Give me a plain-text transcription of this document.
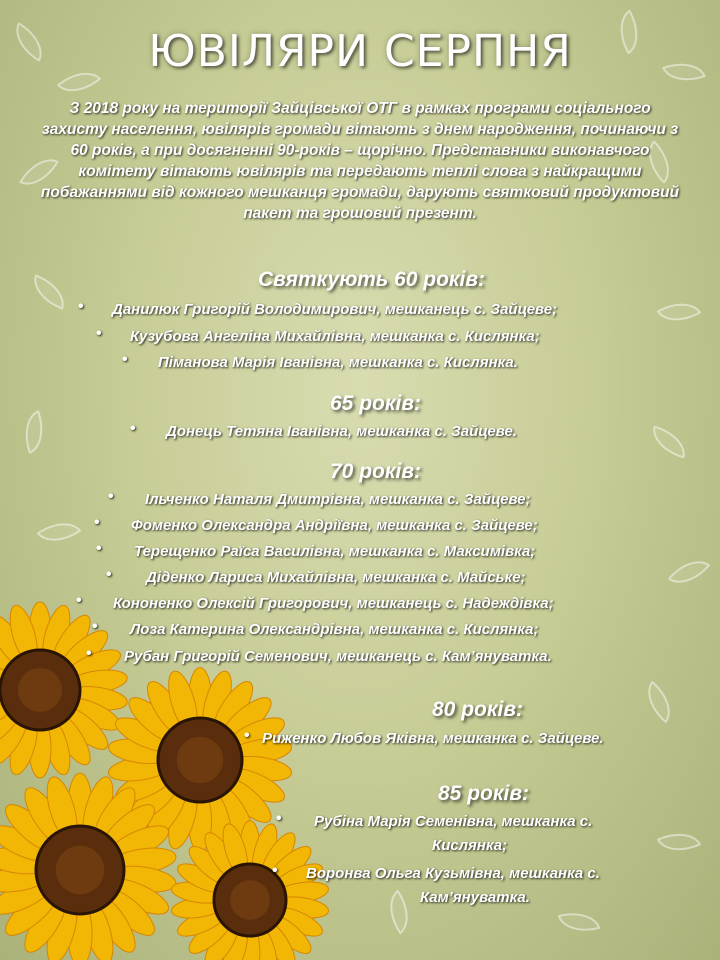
ЮВІЛЯРИ СЕРПНЯ
З 2018 року на території Зайцівської ОТГ в рамках програми соціального захисту населення, ювілярів громади вітають з днем народження, починаючи з 60 років, а при досягненні 90-років – щорічно. Представники виконавчого комітету вітають ювілярів та передають теплі слова з найкращими побажаннями від кожного мешканця громади, дарують святковий продуктовий пакет та грошовий презент.
Святкують 60 років:
• Данилюк Григорій Володимирович, мешканець с. Зайцеве;
• Кузубова Ангеліна Михайлівна, мешканка с. Кислянка;
• Піманова Марія Іванівна, мешканка с. Кислянка.
65 років:
• Донець Тетяна Іванівна, мешканка с. Зайцеве.
70 років:
• Ільченко Наталя Дмитрівна, мешканка с. Зайцеве;
• Фоменко Олександра Андріївна, мешканка с. Зайцеве;
• Терещенко Раїса Василівна, мешканка с. Максимівка;
• Діденко Лариса Михайлівна, мешканка с. Майське;
• Кононенко Олексій Григорович, мешканець с. Надеждівка;
• Лоза Катерина Олександрівна, мешканка с. Кислянка;
• Рубан Григорій Семенович, мешканець с. Кам’януватка.
80 років:
• Риженко Любов Яківна, мешканка с. Зайцеве.
85 років:
• Рубіна Марія Семенівна, мешканка с.
Кислянка;
• Воронва Ольга Кузьмівна, мешканка с.
Кам’януватка.
